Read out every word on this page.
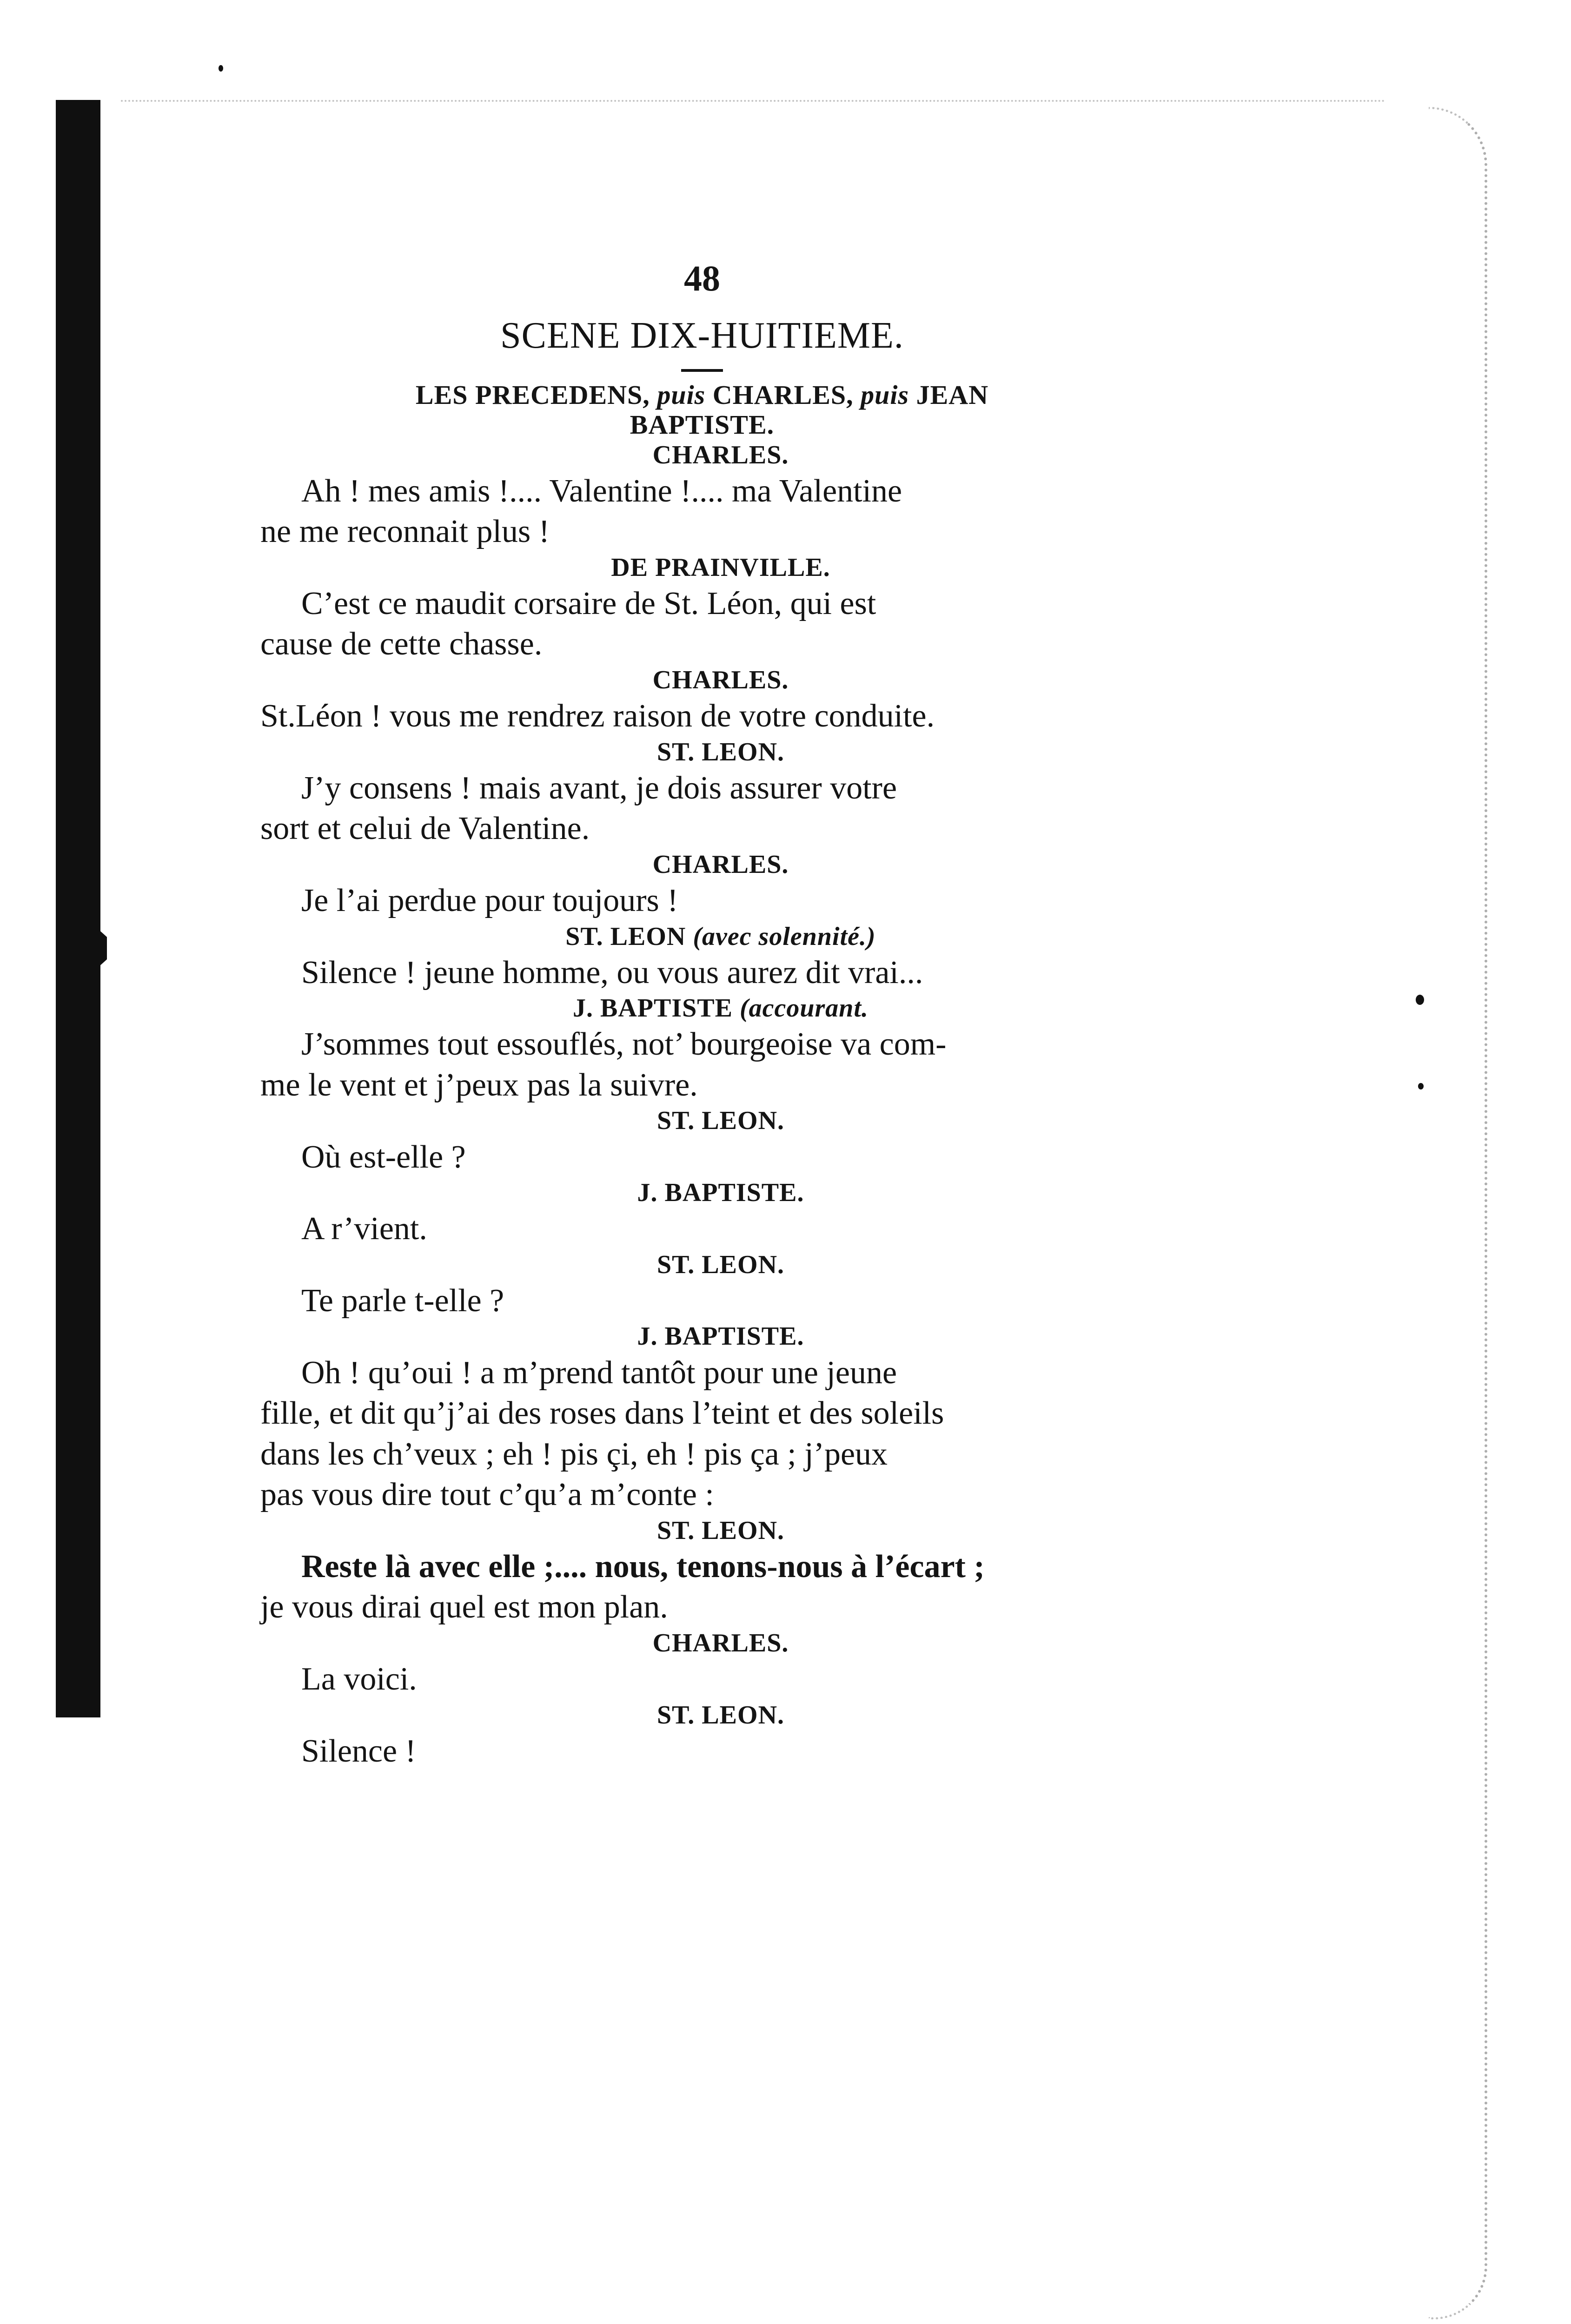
48
SCENE DIX-HUITIEME.
LES PRECEDENS, puis CHARLES, puis JEAN
BAPTISTE.
CHARLES.
Ah ! mes amis !.... Valentine !.... ma Valentine
ne me reconnait plus !
DE PRAINVILLE.
C’est ce maudit corsaire de St. Léon, qui est
cause de cette chasse.
CHARLES.
St.Léon ! vous me rendrez raison de votre conduite.
ST. LEON.
J’y consens ! mais avant, je dois assurer votre
sort et celui de Valentine.
CHARLES.
Je l’ai perdue pour toujours !
ST. LEON (avec solennité.)
Silence ! jeune homme, ou vous aurez dit vrai...
J. BAPTISTE (accourant.
J’sommes tout essouflés, not’ bourgeoise va com-
me le vent et j’peux pas la suivre.
ST. LEON.
Où est-elle ?
J. BAPTISTE.
A r’vient.
ST. LEON.
Te parle t-elle ?
J. BAPTISTE.
Oh ! qu’oui ! a m’prend tantôt pour une jeune
fille, et dit qu’j’ai des roses dans l’teint et des soleils
dans les ch’veux ; eh ! pis çi, eh ! pis ça ; j’peux
pas vous dire tout c’qu’a m’conte :
ST. LEON.
Reste là avec elle ;.... nous, tenons-nous à l’écart ;
je vous dirai quel est mon plan.
CHARLES.
La voici.
ST. LEON.
Silence !
